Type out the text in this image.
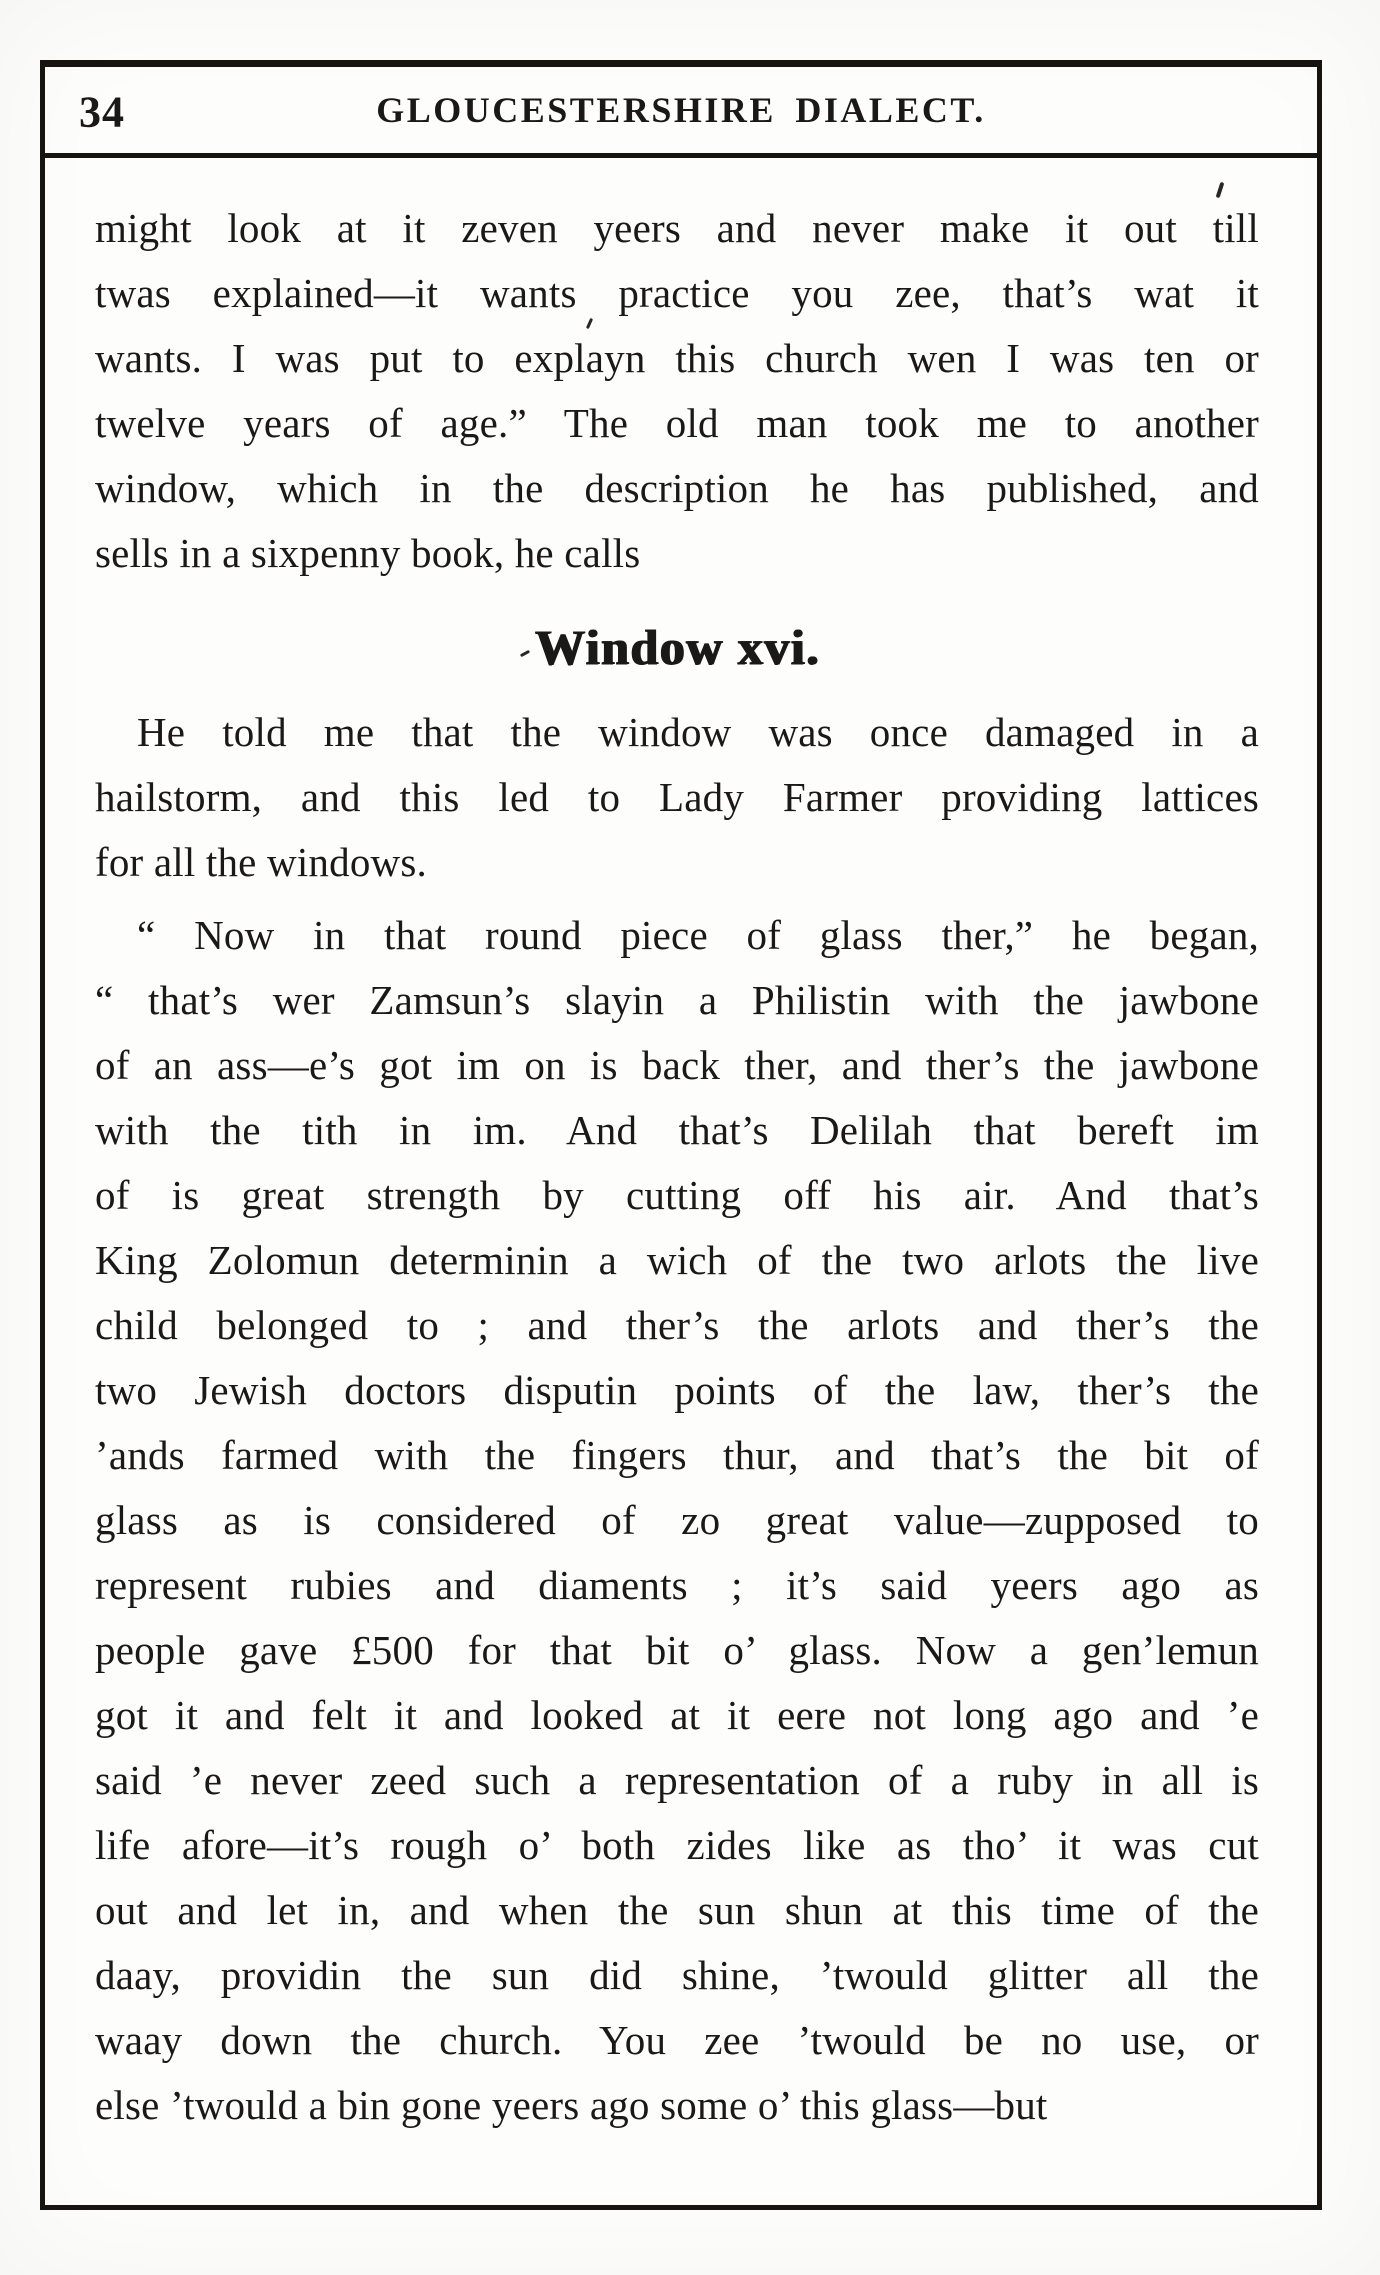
34	GLOUCESTERSHIRE DIALECT.
might look at it zeven yeers and never make it out till
twas explained—it wants practice you zee, that’s wat it
wants. I was put to explayn this church wen I was ten or
twelve years of age.” The old man took me to another
window, which in the description he has published, and
sells in a sixpenny book, he calls
Window xvi.
He told me that the window was once damaged in a
hailstorm, and this led to Lady Farmer providing lattices
for all the windows.
“ Now in that round piece of glass ther,” he began,
“ that’s wer Zamsun’s slayin a Philistin with the jawbone
of an ass—e’s got im on is back ther, and ther’s the jawbone
with the tith in im. And that’s Delilah that bereft im
of is great strength by cutting off his air. And that’s
King Zolomun determinin a wich of the two arlots the live
child belonged to ; and ther’s the arlots and ther’s the
two Jewish doctors disputin points of the law, ther’s the
’ands farmed with the fingers thur, and that’s the bit of
glass as is considered of zo great value—zupposed to
represent rubies and diaments ; it’s said yeers ago as
people gave £500 for that bit o’ glass. Now a gen’lemun
got it and felt it and looked at it eere not long ago and ’e
said ’e never zeed such a representation of a ruby in all is
life afore—it’s rough o’ both zides like as tho’ it was cut
out and let in, and when the sun shun at this time of the
daay, providin the sun did shine, ’twould glitter all the
waay down the church. You zee ’twould be no use, or
else ’twould a bin gone yeers ago some o’ this glass—but
